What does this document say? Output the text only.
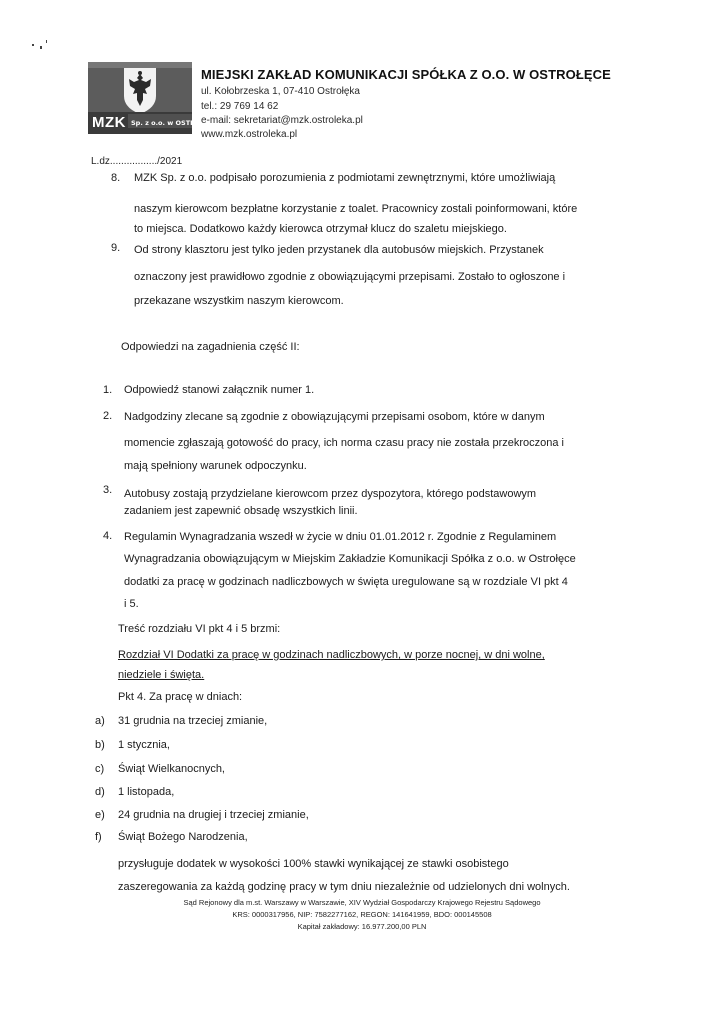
MZK Sp. z o.o. w OSTROŁĘCE
MIEJSKI ZAKŁAD KOMUNIKACJI SPÓŁKA Z O.O. W OSTROŁĘCE
ul. Kołobrzeska 1, 07-410 Ostrołęka
tel.: 29 769 14 62
e-mail: sekretariat@mzk.ostroleka.pl
www.mzk.ostroleka.pl
L.dz................./2021
8. MZK Sp. z o.o. podpisało porozumienia z podmiotami zewnętrznymi, które umożliwiają
naszym kierowcom bezpłatne korzystanie z toalet. Pracownicy zostali poinformowani, które
to miejsca. Dodatkowo każdy kierowca otrzymał klucz do szaletu miejskiego.
9. Od strony klasztoru jest tylko jeden przystanek dla autobusów miejskich. Przystanek
oznaczony jest prawidłowo zgodnie z obowiązującymi przepisami. Zostało to ogłoszone i
przekazane wszystkim naszym kierowcom.
Odpowiedzi na zagadnienia część II:
1. Odpowiedź stanowi załącznik numer 1.
2. Nadgodziny zlecane są zgodnie z obowiązującymi przepisami osobom, które w danym
momencie zgłaszają gotowość do pracy, ich norma czasu pracy nie została przekroczona i
mają spełniony warunek odpoczynku.
3. Autobusy zostają przydzielane kierowcom przez dyspozytora, którego podstawowym
zadaniem jest zapewnić obsadę wszystkich linii.
4. Regulamin Wynagradzania wszedł w życie w dniu 01.01.2012 r. Zgodnie z Regulaminem
Wynagradzania obowiązującym w Miejskim Zakładzie Komunikacji Spółka z o.o. w Ostrołęce
dodatki za pracę w godzinach nadliczbowych w święta uregulowane są w rozdziale VI pkt 4
i 5.
Treść rozdziału VI pkt 4 i 5 brzmi:
Rozdział VI Dodatki za pracę w godzinach nadliczbowych, w porze nocnej, w dni wolne,
niedziele i święta.
Pkt 4. Za pracę w dniach:
a) 31 grudnia na trzeciej zmianie,
b) 1 stycznia,
c) Świąt Wielkanocnych,
d) 1 listopada,
e) 24 grudnia na drugiej i trzeciej zmianie,
f) Świąt Bożego Narodzenia,
przysługuje dodatek w wysokości 100% stawki wynikającej ze stawki osobistego
zaszeregowania za każdą godzinę pracy w tym dniu niezależnie od udzielonych dni wolnych.
Sąd Rejonowy dla m.st. Warszawy w Warszawie, XIV Wydział Gospodarczy Krajowego Rejestru Sądowego
KRS: 0000317956, NIP: 7582277162, REGON: 141641959, BDO: 000145508
Kapitał zakładowy: 16.977.200,00 PLN
